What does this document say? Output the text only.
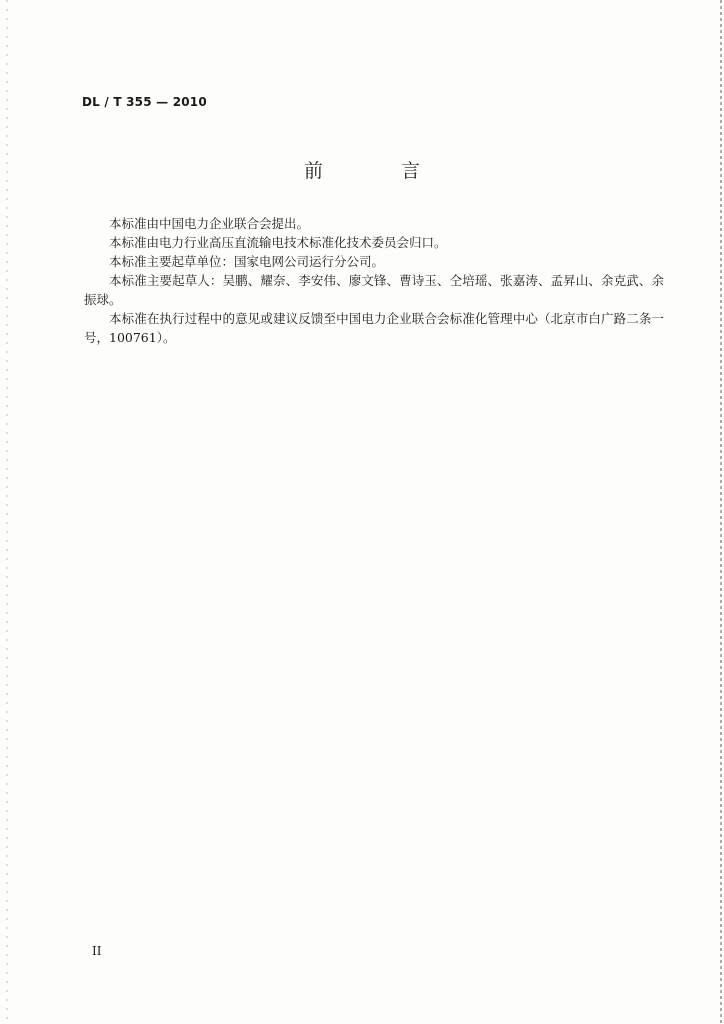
DL / T 355 — 2010
前 言

本标准由中国电力企业联合会提出。

本标准由电力行业高压直流输电技术标准化技术委员会归口。

本标准主要起草单位：国家电网公司运行分公司。

本标准主要起草人：吴鹏、耀奈、李安伟、廖文锋、曹诗玉、仝培瑶、张嘉涛、孟昇山、余克武、余振球。

本标准在执行过程中的意见或建议反馈至中国电力企业联合会标准化管理中心（北京市白广路二条一号，100761）。

II
